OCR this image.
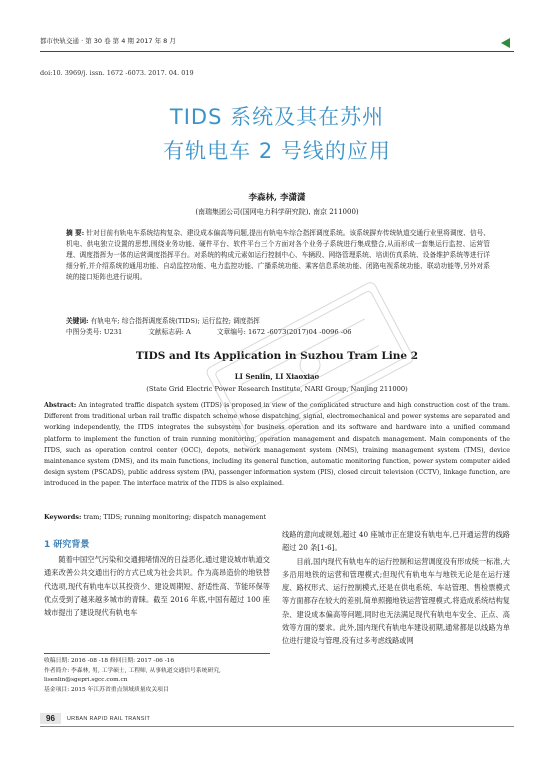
都市快轨交通 · 第 30 卷 第 4 期 2017 年 8 月
doi:10. 3969/j. issn. 1672 -6073. 2017. 04. 019
TIDS 系统及其在苏州
有轨电车 2 号线的应用
李森林, 李潇潇
(南瑞集团公司(国网电力科学研究院), 南京 211000)
摘 要: 针对目前有轨电车系统结构复杂、建设成本偏高等问题,提出有轨电车综合指挥调度系统。该系统摒弃传统轨道交通行业里将调度、信号、机电、供电独立设置的思想,围绕业务功能、硬件平台、软件平台三个方面对各个业务子系统进行集成整合,从而形成一套集运行监控、运营管理、调度指挥为一体的运营调度指挥平台。对系统的构成元素如运行控制中心、车辆段、网络管理系统、培训仿真系统、设备维护系统等进行详细分析,并介绍系统的通用功能、自动监控功能、电力监控功能、广播系统功能、乘客信息系统功能、闭路电视系统功能、联动功能等,另外对系统的接口矩阵也进行说明。
关键词: 有轨电车; 综合指挥调度系统(TIDS); 运行监控; 调度指挥
中图分类号: U231	文献标志码: A	文章编号: 1672 -6073(2017)04 -0096 -06
TIDS and Its Application in Suzhou Tram Line 2
LI Senlin, LI Xiaoxiao
(State Grid Electric Power Research Institute, NARI Group, Nanjing 211000)
Abstract: An integrated traffic dispatch system (ITDS) is proposed in view of the complicated structure and high construction cost of the tram. Different from traditional urban rail traffic dispatch scheme whose dispatching, signal, electromechanical and power systems are separated and working independently, the ITDS integrates the subsystem for business operation and its software and hardware into a unified command platform to implement the function of train running monitoring, operation management and dispatch management. Main components of the ITDS, such as operation control center (OCC), depots, network management system (NMS), training management system (TMS), device maintenance system (DMS), and its main functions, including its general function, automatic monitoring function, power system computer aided design system (PSCADS), public address system (PA), passenger information system (PIS), closed circuit television (CCTV), linkage function, are introduced in the paper. The interface matrix of the ITDS is also explained.
Keywords: tram; TIDS; running monitoring; dispatch management
1 研究背景
随着中国空气污染和交通拥堵情况的日益恶化,通过建设城市轨道交通来改善公共交通出行的方式已成为社会共识。作为高昂造价的地铁替代选项,现代有轨电车以其投资少、建设周期短、舒适性高、节能环保等优点受到了越来越多城市的青睐。截至 2016 年底,中国有超过 100 座城市提出了建设现代有轨电车

线路的意向或规划,超过 40 座城市正在建设有轨电车,已开通运营的线路超过 20 条[1-6]。

目前,国内现代有轨电车的运行控制和运营调度没有形成统一标准,大多沿用地铁的运营和管理模式;但现代有轨电车与地铁无论是在运行速度、路权形式、运行控制模式,还是在供电系统、车站管理、售检票模式等方面都存在较大的差别,简单照搬地铁运营管理模式,将造成系统结构复杂、建设成本偏高等问题,同时也无法满足现代有轨电车安全、正点、高效等方面的要求。此外,国内现代有轨电车建设初期,通常都是以线路为单位进行建设与管理,没有过多考虑线路或网

收稿日期: 2016 -08 -18 修回日期: 2017 -06 -16
作者简介: 李森林, 男, 工学硕士, 工程师, 从事轨道交通信号系统研究, lisenlin@sgepri.sgcc.com.cn
基金项目: 2015 年江苏省重点领域质量攻关项目
96	URBAN RAPID RAIL TRANSIT
